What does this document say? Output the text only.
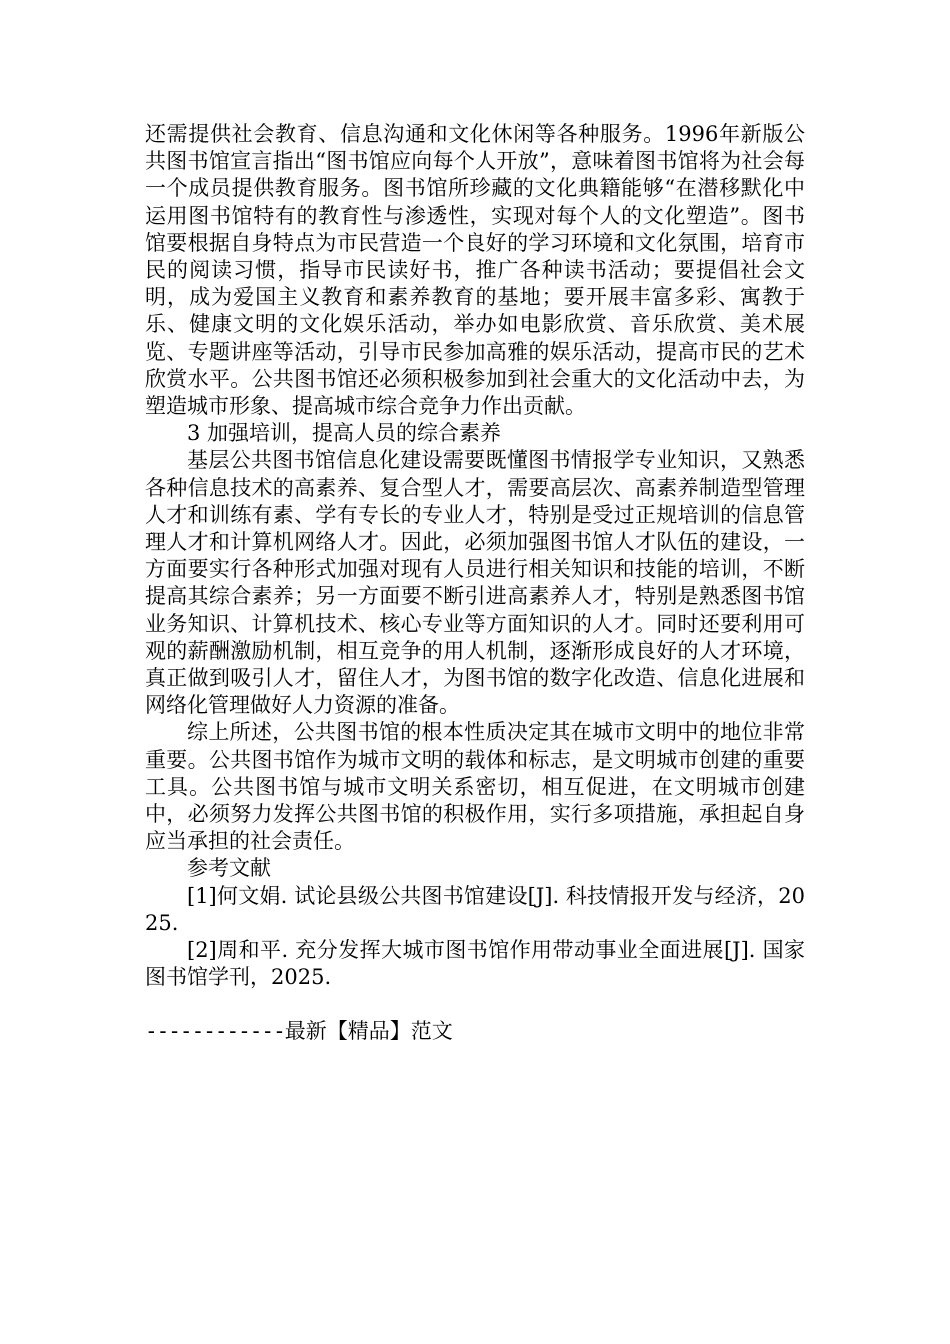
还需提供社会教育、信息沟通和文化休闲等各种服务。1996年新版公共图书馆宣言指出“图书馆应向每个人开放”，意味着图书馆将为社会每一个成员提供教育服务。图书馆所珍藏的文化典籍能够“在潜移默化中运用图书馆特有的教育性与渗透性，实现对每个人的文化塑造”。图书馆要根据自身特点为市民营造一个良好的学习环境和文化氛围，培育市民的阅读习惯，指导市民读好书，推广各种读书活动；要提倡社会文明，成为爱国主义教育和素养教育的基地；要开展丰富多彩、寓教于乐、健康文明的文化娱乐活动，举办如电影欣赏、音乐欣赏、美术展览、专题讲座等活动，引导市民参加高雅的娱乐活动，提高市民的艺术欣赏水平。公共图书馆还必须积极参加到社会重大的文化活动中去，为塑造城市形象、提高城市综合竞争力作出贡献。

3 加强培训，提高人员的综合素养

基层公共图书馆信息化建设需要既懂图书情报学专业知识，又熟悉各种信息技术的高素养、复合型人才，需要高层次、高素养制造型管理人才和训练有素、学有专长的专业人才，特别是受过正规培训的信息管理人才和计算机网络人才。因此，必须加强图书馆人才队伍的建设，一方面要实行各种形式加强对现有人员进行相关知识和技能的培训，不断提高其综合素养；另一方面要不断引进高素养人才，特别是熟悉图书馆业务知识、计算机技术、核心专业等方面知识的人才。同时还要利用可观的薪酬激励机制，相互竞争的用人机制，逐渐形成良好的人才环境，真正做到吸引人才，留住人才，为图书馆的数字化改造、信息化进展和网络化管理做好人力资源的准备。

综上所述，公共图书馆的根本性质决定其在城市文明中的地位非常重要。公共图书馆作为城市文明的载体和标志，是文明城市创建的重要工具。公共图书馆与城市文明关系密切，相互促进，在文明城市创建中，必须努力发挥公共图书馆的积极作用，实行多项措施，承担起自身应当承担的社会责任。

参考文献

[1]何文娟. 试论县级公共图书馆建设[J]. 科技情报开发与经济，2025.

[2]周和平. 充分发挥大城市图书馆作用带动事业全面进展[J]. 国家图书馆学刊，2025.

------------最新【精品】范文
